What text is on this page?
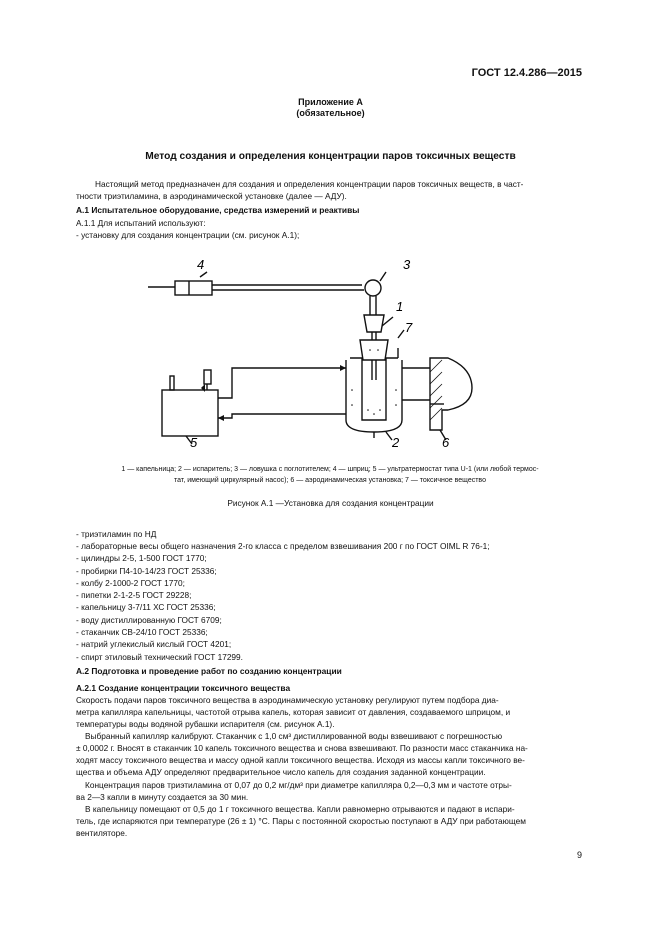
ГОСТ 12.4.286—2015
Приложение А
(обязательное)
Метод создания и определения концентрации паров токсичных веществ
Настоящий метод предназначен для создания и определения концентрации паров токсичных веществ, в част-
тности триэтиламина, в аэродинамической установке (далее — АДУ).
А.1 Испытательное оборудование, средства измерений и реактивы
А.1.1 Для испытаний используют:
- установку для создания концентрации (см. рисунок А.1);
4	3
1
7
2	6
5
1 — капельница; 2 — испаритель; 3 — ловушка с поглотителем; 4 — шприц; 5 — ультратермостат типа U-1 (или любой термос-
тат, имеющий циркулярный насос); 6 — аэродинамическая установка; 7 — токсичное вещество
Рисунок А.1 —Установка для создания концентрации
- триэтиламин по НД
- лабораторные весы общего назначения 2-го класса с пределом взвешивания 200 г по ГОСТ OIML R 76-1;
- цилиндры 2-5, 1-500 ГОСТ 1770;
- пробирки П4-10-14/23 ГОСТ 25336;
- колбу 2-1000-2 ГОСТ 1770;
- пипетки 2-1-2-5 ГОСТ 29228;
- капельницу 3-7/11 ХС ГОСТ 25336;
- воду дистиллированную ГОСТ 6709;
- стаканчик СВ-24/10 ГОСТ 25336;
- натрий углекислый кислый ГОСТ 4201;
- спирт этиловый технический ГОСТ 17299.
А.2 Подготовка и проведение работ по созданию концентрации
А.2.1 Создание концентрации токсичного вещества
Скорость подачи паров токсичного вещества в аэродинамическую установку регулируют путем подбора диа-
метра капилляра капельницы, частотой отрыва капель, которая зависит от давления, создаваемого шприцом, и
температуры воды водяной рубашки испарителя (см. рисунок А.1).
Выбранный капилляр калибруют. Стаканчик с 1,0 см³ дистиллированной воды взвешивают с погрешностью
± 0,0002 г. Вносят в стаканчик 10 капель токсичного вещества и снова взвешивают. По разности масс стаканчика на-
ходят массу токсичного вещества и массу одной капли токсичного вещества. Исходя из массы капли токсичного ве-
щества и объема АДУ определяют предварительное число капель для создания заданной концентрации.
Концентрация паров триэтиламина от 0,07 до 0,2 мг/дм³ при диаметре капилляра 0,2—0,3 мм и частоте отры-
ва 2—3 капли в минуту создается за 30 мин.
В капельницу помещают от 0,5 до 1 г токсичного вещества. Капли равномерно отрываются и падают в испари-
тель, где испаряются при температуре (26 ± 1) °С. Пары с постоянной скоростью поступают в АДУ при работающем
вентиляторе.
9
